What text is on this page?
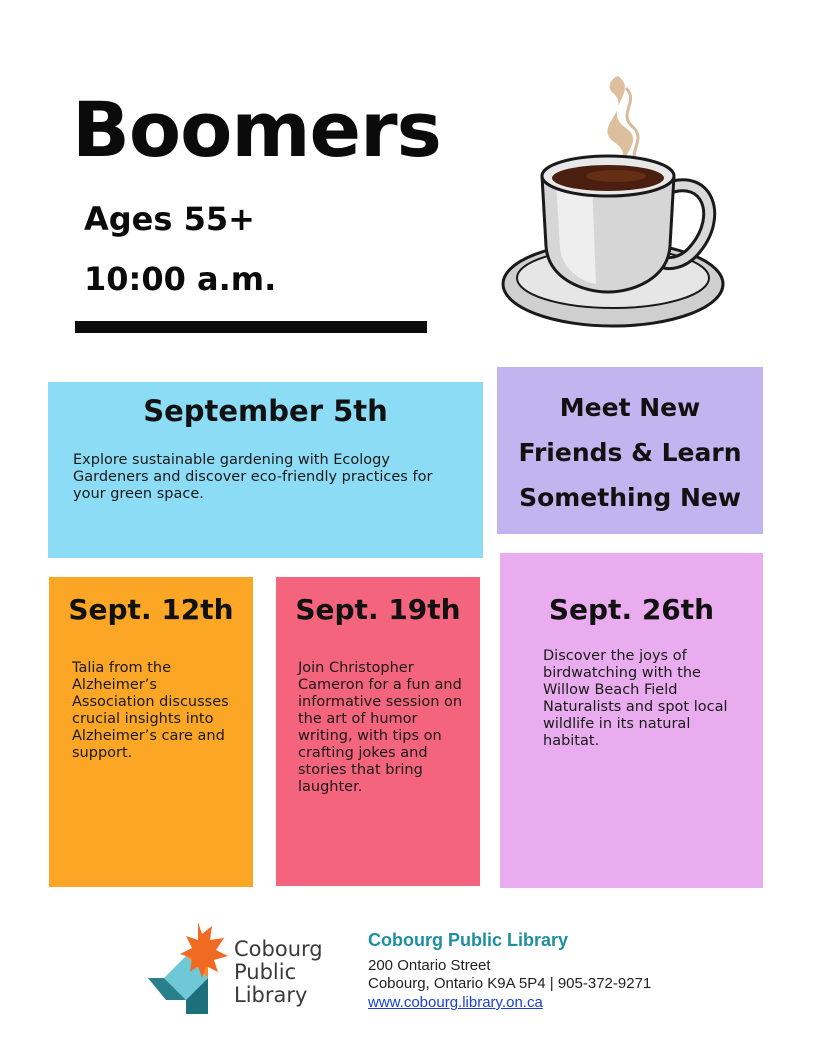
Boomers
Ages 55+
10:00 a.m.
September 5th

Explore sustainable gardening with Ecology Gardeners and discover eco-friendly practices for your green space.

Meet New
Friends & Learn
Something New
Sept. 12th

Talia from the Alzheimer’s Association discusses crucial insights into Alzheimer’s care and support.

Sept. 19th

Join Christopher Cameron for a fun and informative session on the art of humor writing, with tips on crafting jokes and stories that bring laughter.

Sept. 26th

Discover the joys of birdwatching with the Willow Beach Field Naturalists and spot local wildlife in its natural habitat.

Cobourg
Public
Library
Cobourg Public Library
200 Ontario Street
Cobourg, Ontario K9A 5P4 | 905-372-9271
www.cobourg.library.on.ca
